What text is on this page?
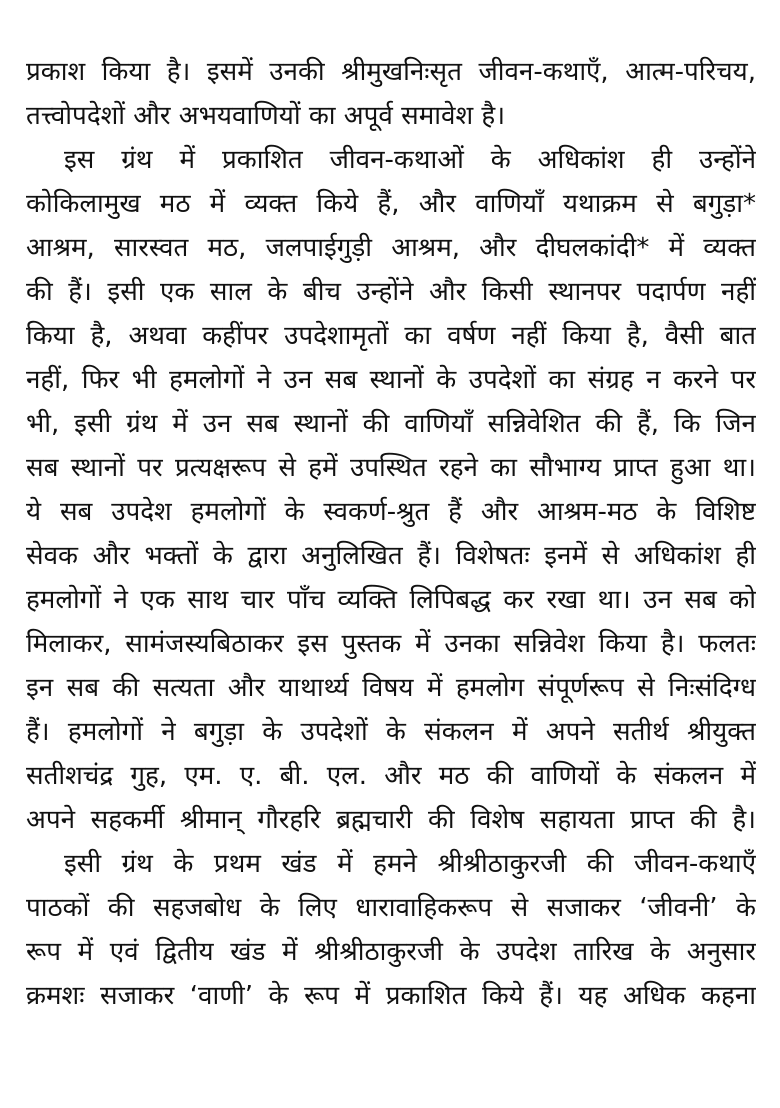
प्रकाश किया है। इसमें उनकी श्रीमुखनिःसृत जीवन-कथाएँ, आत्म-परिचय,
तत्त्वोपदेशों और अभयवाणियों का अपूर्व समावेश है।
इस ग्रंथ में प्रकाशित जीवन-कथाओं के अधिकांश ही उन्होंने
कोकिलामुख मठ में व्यक्त किये हैं, और वाणियाँ यथाक्रम से बगुड़ा*
आश्रम, सारस्वत मठ, जलपाईगुड़ी आश्रम, और दीघलकांदी* में व्यक्त
की हैं। इसी एक साल के बीच उन्होंने और किसी स्थानपर पदार्पण नहीं
किया है, अथवा कहींपर उपदेशामृतों का वर्षण नहीं किया है, वैसी बात
नहीं, फिर भी हमलोगों ने उन सब स्थानों के उपदेशों का संग्रह न करने पर
भी, इसी ग्रंथ में उन सब स्थानों की वाणियाँ सन्निवेशित की हैं, कि जिन
सब स्थानों पर प्रत्यक्षरूप से हमें उपस्थित रहने का सौभाग्य प्राप्त हुआ था।
ये सब उपदेश हमलोगों के स्वकर्ण-श्रुत हैं और आश्रम-मठ के विशिष्ट
सेवक और भक्तों के द्वारा अनुलिखित हैं। विशेषतः इनमें से अधिकांश ही
हमलोगों ने एक साथ चार पाँच व्यक्ति लिपिबद्ध कर रखा था। उन सब को
मिलाकर, सामंजस्यबिठाकर इस पुस्तक में उनका सन्निवेश किया है। फलतः
इन सब की सत्यता और याथार्थ्य विषय में हमलोग संपूर्णरूप से निःसंदिग्ध
हैं। हमलोगों ने बगुड़ा के उपदेशों के संकलन में अपने सतीर्थ श्रीयुक्त
सतीशचंद्र गुह, एम. ए. बी. एल. और मठ की वाणियों के संकलन में
अपने सहकर्मी श्रीमान् गौरहरि ब्रह्मचारी की विशेष सहायता प्राप्त की है।
इसी ग्रंथ के प्रथम खंड में हमने श्रीश्रीठाकुरजी की जीवन-कथाएँ
पाठकों की सहजबोध के लिए धारावाहिकरूप से सजाकर ‘जीवनी’ के
रूप में एवं द्वितीय खंड में श्रीश्रीठाकुरजी के उपदेश तारिख के अनुसार
क्रमशः सजाकर ‘वाणी’ के रूप में प्रकाशित किये हैं। यह अधिक कहना
